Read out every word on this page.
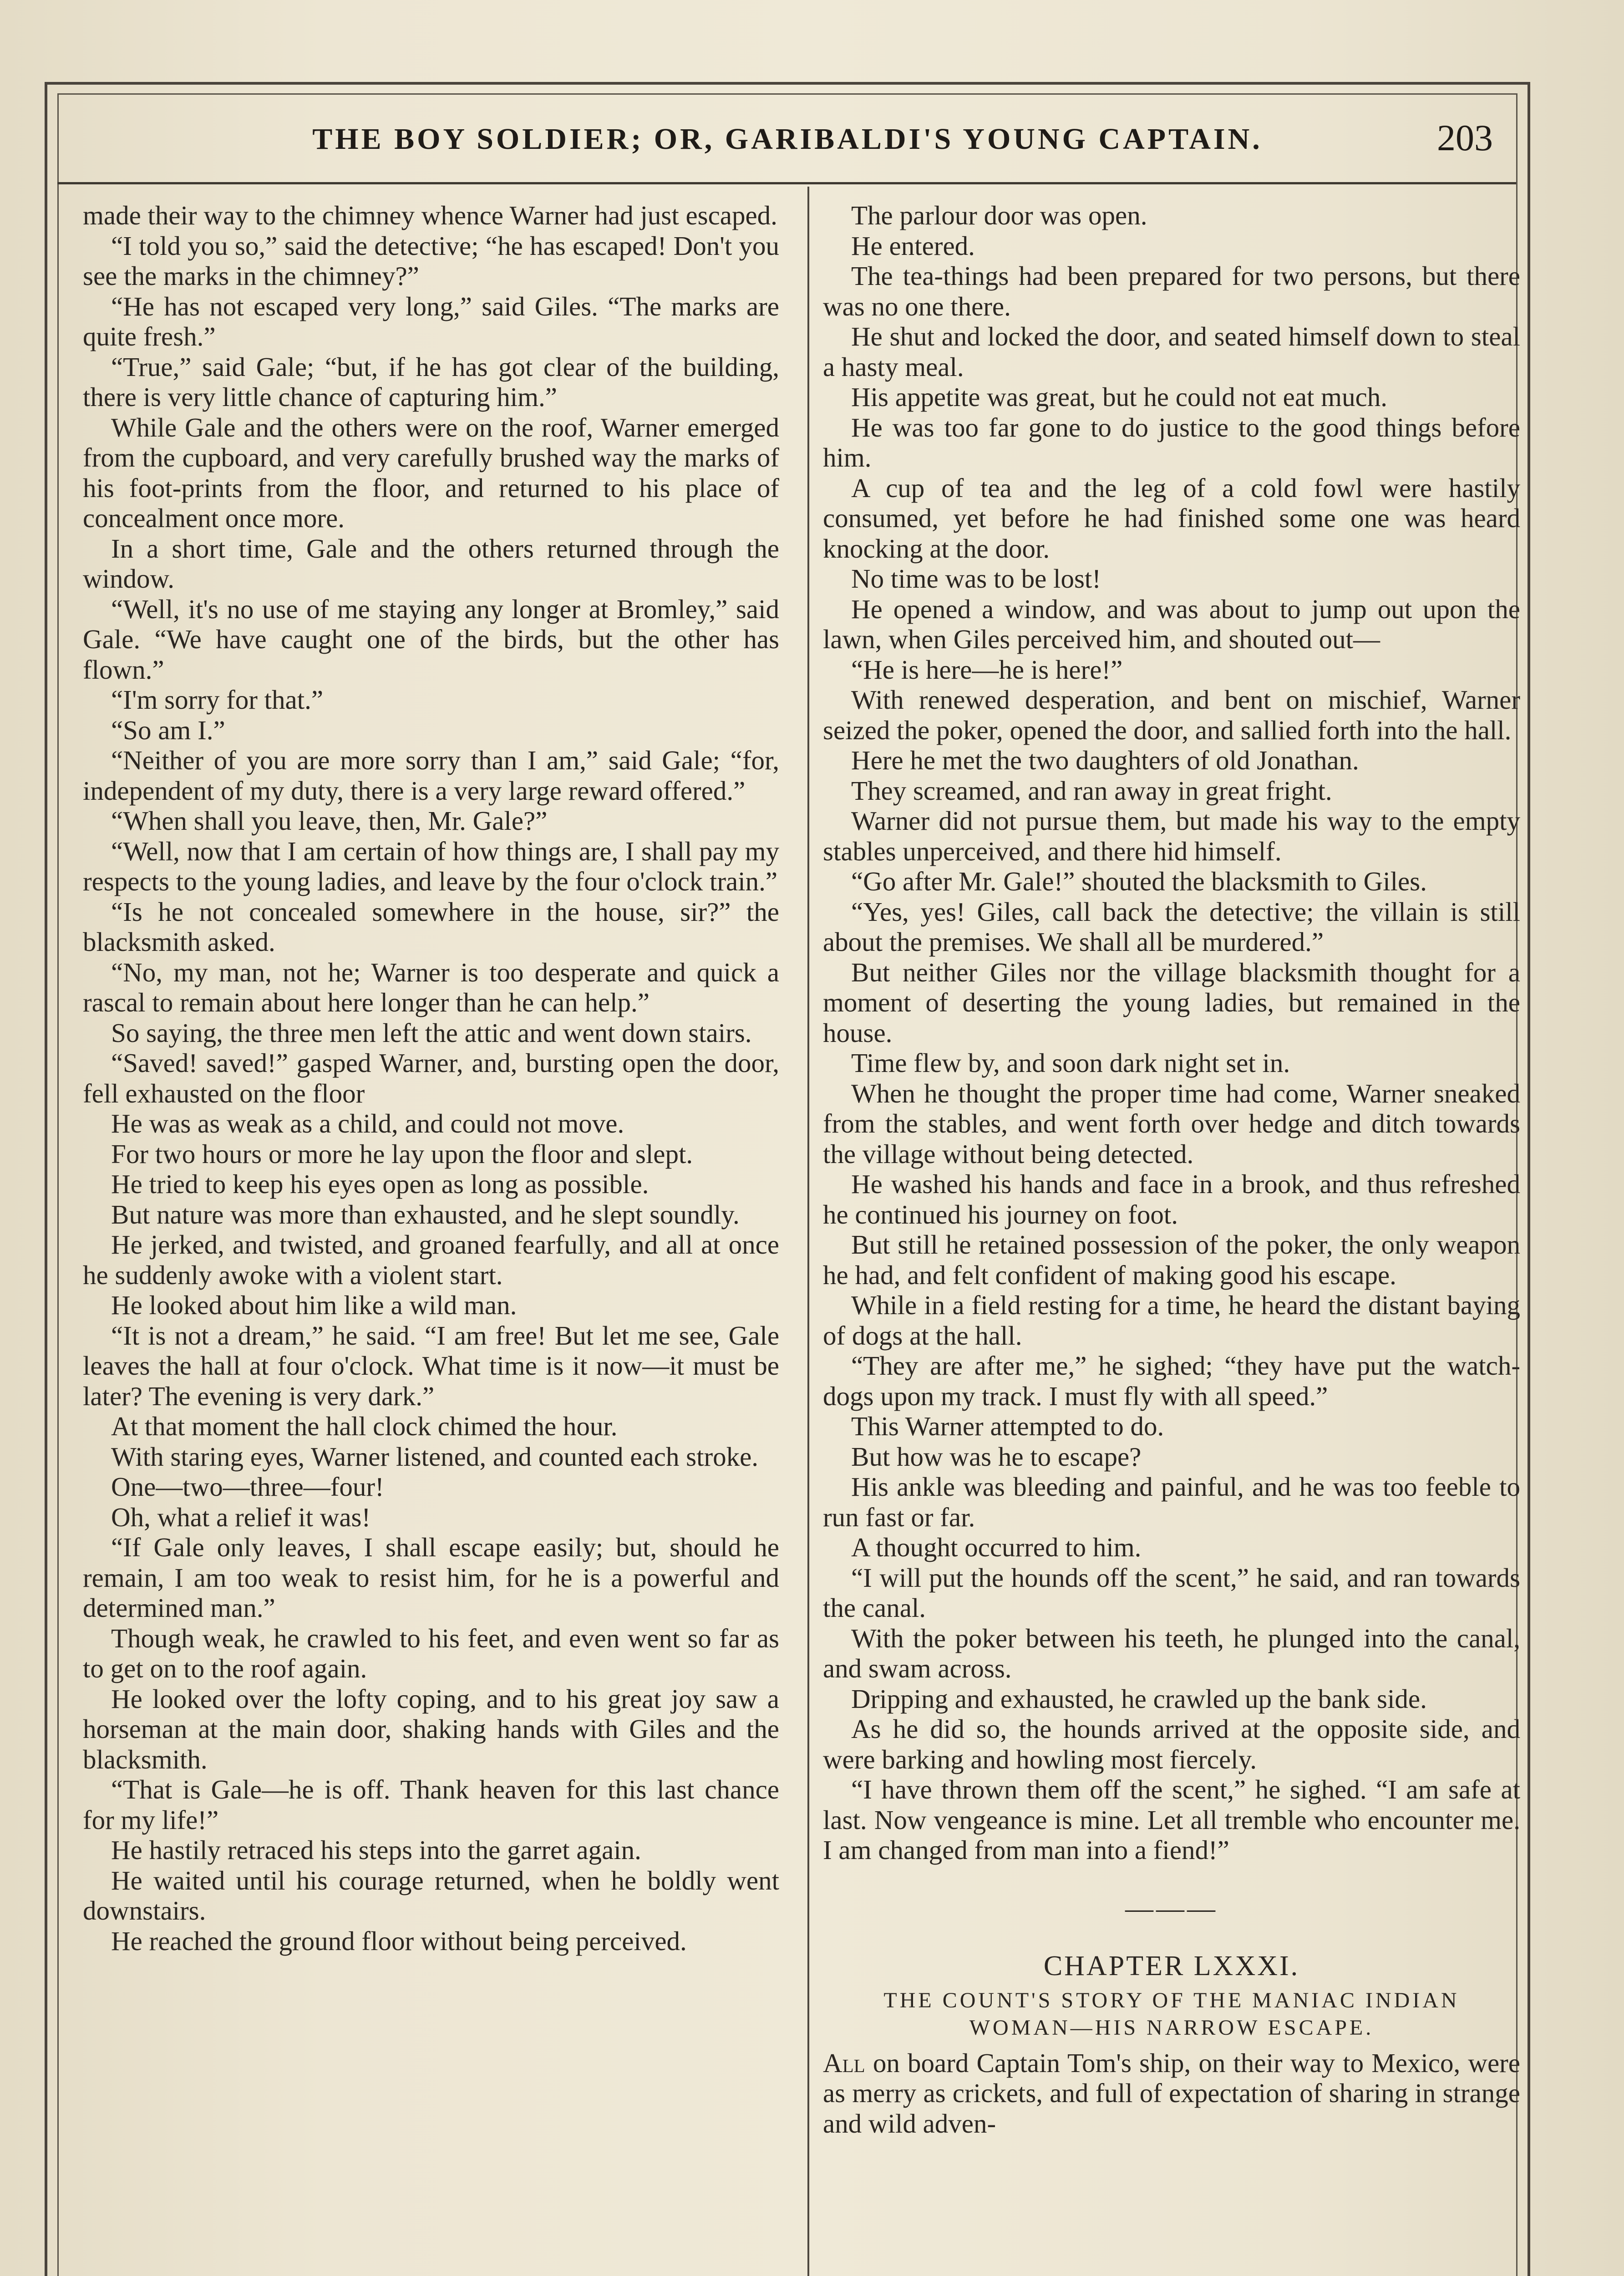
THE BOY SOLDIER; OR, GARIBALDI'S YOUNG CAPTAIN.	203

made their way to the chimney whence Warner had just escaped.

“I told you so,” said the detective; “he has escaped! Don't you see the marks in the chimney?”

“He has not escaped very long,” said Giles. “The marks are quite fresh.”

“True,” said Gale; “but, if he has got clear of the building, there is very little chance of capturing him.”

While Gale and the others were on the roof, Warner emerged from the cupboard, and very carefully brushed way the marks of his foot-prints from the floor, and returned to his place of concealment once more.

In a short time, Gale and the others returned through the window.

“Well, it's no use of me staying any longer at Bromley,” said Gale. “We have caught one of the birds, but the other has flown.”

“I'm sorry for that.”

“So am I.”

“Neither of you are more sorry than I am,” said Gale; “for, independent of my duty, there is a very large reward offered.”

“When shall you leave, then, Mr. Gale?”

“Well, now that I am certain of how things are, I shall pay my respects to the young ladies, and leave by the four o'clock train.”

“Is he not concealed somewhere in the house, sir?” the blacksmith asked.

“No, my man, not he; Warner is too desperate and quick a rascal to remain about here longer than he can help.”

So saying, the three men left the attic and went down stairs.

“Saved! saved!” gasped Warner, and, bursting open the door, fell exhausted on the floor

He was as weak as a child, and could not move.

For two hours or more he lay upon the floor and slept.

He tried to keep his eyes open as long as possible.

But nature was more than exhausted, and he slept soundly.

He jerked, and twisted, and groaned fearfully, and all at once he suddenly awoke with a violent start.

He looked about him like a wild man.

“It is not a dream,” he said. “I am free! But let me see, Gale leaves the hall at four o'clock. What time is it now—it must be later? The evening is very dark.”

At that moment the hall clock chimed the hour.

With staring eyes, Warner listened, and counted each stroke.

One—two—three—four!

Oh, what a relief it was!

“If Gale only leaves, I shall escape easily; but, should he remain, I am too weak to resist him, for he is a powerful and determined man.”

Though weak, he crawled to his feet, and even went so far as to get on to the roof again.

He looked over the lofty coping, and to his great joy saw a horseman at the main door, shaking hands with Giles and the blacksmith.

“That is Gale—he is off. Thank heaven for this last chance for my life!”

He hastily retraced his steps into the garret again.

He waited until his courage returned, when he boldly went downstairs.

He reached the ground floor without being perceived.

The parlour door was open.

He entered.

The tea-things had been prepared for two persons, but there was no one there.

He shut and locked the door, and seated himself down to steal a hasty meal.

His appetite was great, but he could not eat much.

He was too far gone to do justice to the good things before him.

A cup of tea and the leg of a cold fowl were hastily consumed, yet before he had finished some one was heard knocking at the door.

No time was to be lost!

He opened a window, and was about to jump out upon the lawn, when Giles perceived him, and shouted out—

“He is here—he is here!”

With renewed desperation, and bent on mischief, Warner seized the poker, opened the door, and sallied forth into the hall.

Here he met the two daughters of old Jonathan.

They screamed, and ran away in great fright.

Warner did not pursue them, but made his way to the empty stables unperceived, and there hid himself.

“Go after Mr. Gale!” shouted the blacksmith to Giles.

“Yes, yes! Giles, call back the detective; the villain is still about the premises. We shall all be murdered.”

But neither Giles nor the village blacksmith thought for a moment of deserting the young ladies, but remained in the house.

Time flew by, and soon dark night set in.

When he thought the proper time had come, Warner sneaked from the stables, and went forth over hedge and ditch towards the village without being detected.

He washed his hands and face in a brook, and thus refreshed he continued his journey on foot.

But still he retained possession of the poker, the only weapon he had, and felt confident of making good his escape.

While in a field resting for a time, he heard the distant baying of dogs at the hall.

“They are after me,” he sighed; “they have put the watch-dogs upon my track. I must fly with all speed.”

This Warner attempted to do.

But how was he to escape?

His ankle was bleeding and painful, and he was too feeble to run fast or far.

A thought occurred to him.

“I will put the hounds off the scent,” he said, and ran towards the canal.

With the poker between his teeth, he plunged into the canal, and swam across.

Dripping and exhausted, he crawled up the bank side.

As he did so, the hounds arrived at the opposite side, and were barking and howling most fiercely.

“I have thrown them off the scent,” he sighed. “I am safe at last. Now vengeance is mine. Let all tremble who encounter me. I am changed from man into a fiend!”

———
CHAPTER LXXXI.
THE COUNT'S STORY OF THE MANIAC INDIAN
WOMAN—HIS NARROW ESCAPE.

All on board Captain Tom's ship, on their way to Mexico, were as merry as crickets, and full of expectation of sharing in strange and wild adven-
